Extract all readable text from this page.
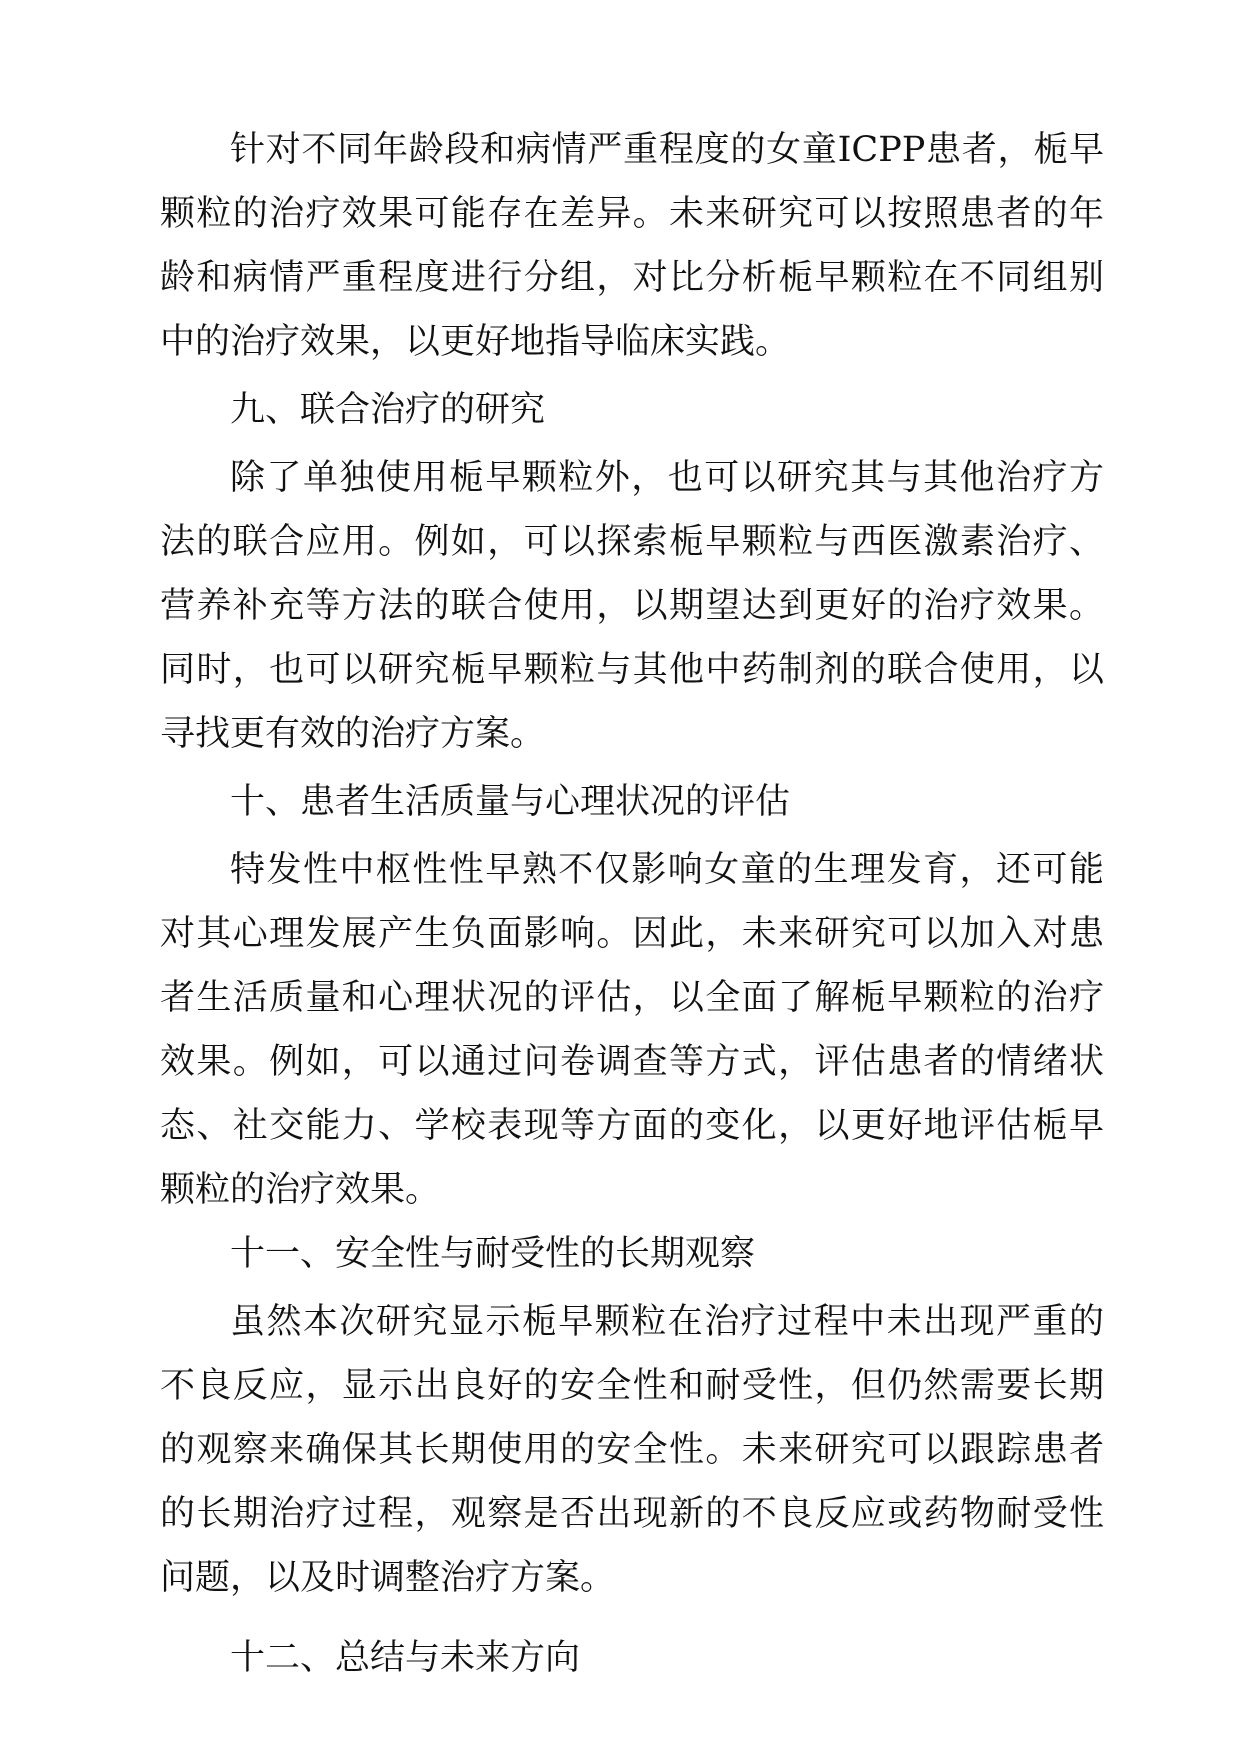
针对不同年龄段和病情严重程度的女童ICPP患者，栀早颗粒的治疗效果可能存在差异。未来研究可以按照患者的年龄和病情严重程度进行分组，对比分析栀早颗粒在不同组别中的治疗效果，以更好地指导临床实践。

九、联合治疗的研究

除了单独使用栀早颗粒外，也可以研究其与其他治疗方法的联合应用。例如，可以探索栀早颗粒与西医激素治疗、营养补充等方法的联合使用，以期望达到更好的治疗效果。同时，也可以研究栀早颗粒与其他中药制剂的联合使用，以寻找更有效的治疗方案。

十、患者生活质量与心理状况的评估

特发性中枢性性早熟不仅影响女童的生理发育，还可能对其心理发展产生负面影响。因此，未来研究可以加入对患者生活质量和心理状况的评估，以全面了解栀早颗粒的治疗效果。例如，可以通过问卷调查等方式，评估患者的情绪状态、社交能力、学校表现等方面的变化，以更好地评估栀早颗粒的治疗效果。

十一、安全性与耐受性的长期观察

虽然本次研究显示栀早颗粒在治疗过程中未出现严重的不良反应，显示出良好的安全性和耐受性，但仍然需要长期的观察来确保其长期使用的安全性。未来研究可以跟踪患者的长期治疗过程，观察是否出现新的不良反应或药物耐受性问题，以及时调整治疗方案。

十二、总结与未来方向
